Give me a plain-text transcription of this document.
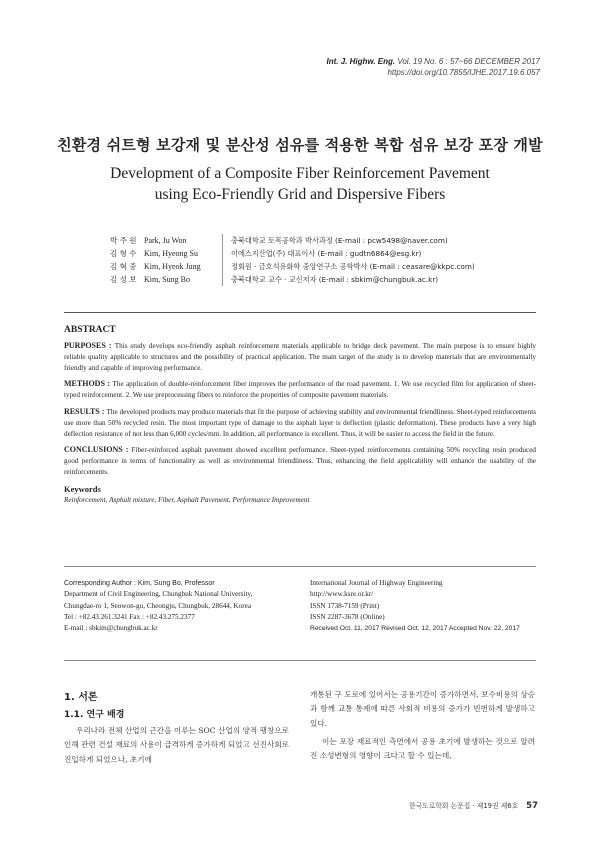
Int. J. Highw. Eng. Vol. 19 No. 6 : 57~66 DECEMBER 2017
https://doi.org/10.7855/IJHE.2017.19.6.057
친환경 쉬트형 보강재 및 분산성 섬유를 적용한 복합 섬유 보강 포장 개발
Development of a Composite Fiber Reinforcement Pavement
using Eco-Friendly Grid and Dispersive Fibers
박 주 원 Park, Ju Won	충북대학교 토목공학과 박사과정 (E-mail : pcw5498@naver.com)
김 형 수 Kim, Hyeong Su	이에스지산업(주) 대표이사 (E-mail : gudtn6864@esg.kr)
김 혁 중 Kim, Hyeok Jung	정회원 · 금호석유화학 중앙연구소 공학박사 (E-mail : ceasare@kkpc.com)
김 성 보 Kim, Sung Bo	충북대학교 교수 · 교신저자 (E-mail : sbkim@chungbuk.ac.kr)
ABSTRACT

PURPOSES : This study develops eco-friendly asphalt reinforcement materials applicable to bridge deck pavement. The main purpose is to ensure highly reliable quality applicable to structures and the possibility of practical application. The main target of the study is to develop materials that are environmentally friendly and capable of improving performance.

METHODS : The application of double-reinforcement fiber improves the performance of the road pavement. 1. We use recycled film for application of sheet-typed reinforcement. 2. We use preprocessing fibers to reinforce the properties of composite pavement materials.

RESULTS : The developed products may produce materials that fit the purpose of achieving stability and environmental friendliness. Sheet-typed reinforcements use more than 50% recycled resin. The most important type of damage to the asphalt layer is deflection (plastic deformation). These products have a very high deflection resistance of not less than 6,000 cycles/mm. In addition, all performance is excellent. Thus, it will be easier to access the field in the future.

CONCLUSIONS : Fiber-reinforced asphalt pavement showed excellent performance. Sheet-typed reinforcements containing 50% recycling resin produced good performance in terms of functionality as well as environmental friendliness. Thus, enhancing the field applicability will enhance the usability of the reinforcements.

Keywords
Reinforcement, Asphalt mixture, Fiber, Asphalt Pavement, Performance Improvement
Corresponding Author : Kim, Sung Bo, Professor
Department of Civil Engineering, Chungbuk National University,
Chungdae-ro 1, Seowon-gu, Cheongju, Chungbuk, 28644, Korea
Tel : +82.43.261.3241 Fax : +82.43.275.2377
E-mail : sbkim@chungbuk.ac.kr
International Journal of Highway Engineering
http://www.ksre.or.kr/
ISSN 1738-7159 (Print)
ISSN 2287-3678 (Online)
Received Oct. 11, 2017 Revised Oct. 12, 2017 Accepted Nov. 22, 2017
1. 서론
1.1. 연구 배경

우리나라 전체 산업의 근간을 이루는 SOC 산업의 양적 팽창으로 인해 관련 건설 재료의 사용이 급격하게 증가하게 되었고 선진사회로 진입하게 되었으나, 초기에

개통된 구 도로에 있어서는 공용기간이 증가하면서, 보수비용의 상승과 함께 교통 통제에 따른 사회적 비용의 증가가 빈번하게 발생하고 있다.

이는 포장 재료적인 측면에서 공용 초기에 발생하는 것으로 알려진 소성변형의 영향이 크다고 할 수 있는데,

한국도로학회 논문집 · 제19권 제6호 57
